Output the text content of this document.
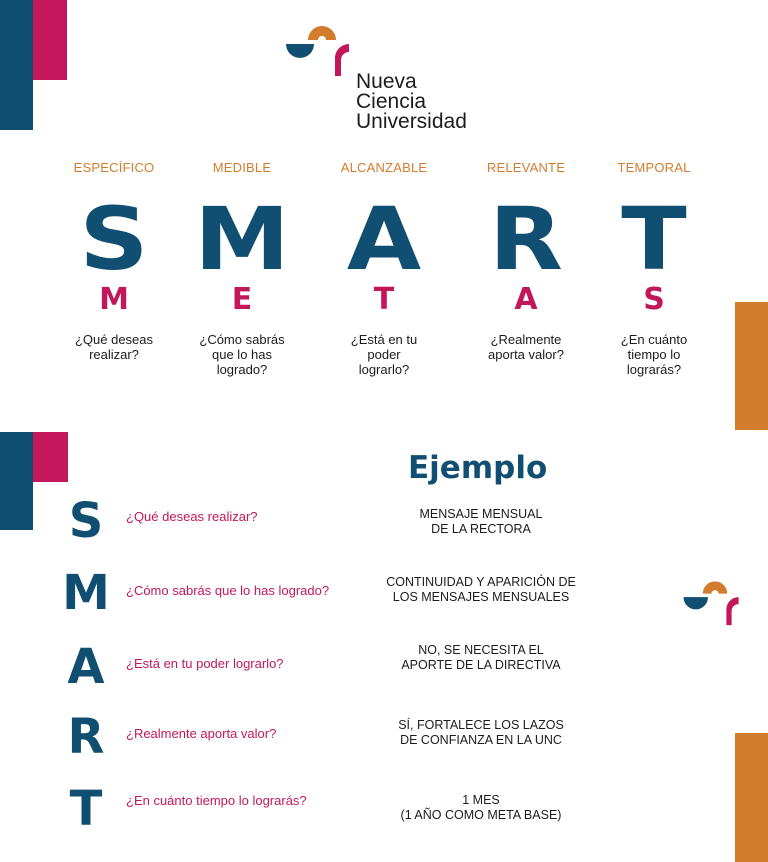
Nueva
Ciencia
Universidad
ESPECÍFICO
S
M
¿Qué deseas realizar?
MEDIBLE
M
E
¿Cómo sabrás que lo has logrado?
ALCANZABLE
A
T
¿Está en tu poder lograrlo?
RELEVANTE
R
A
¿Realmente aporta valor?
TEMPORAL
T
S
¿En cuánto tiempo lo lograrás?
Ejemplo
S
M
A
R
T
¿Qué deseas realizar?
¿Cómo sabrás que lo has logrado?
¿Está en tu poder lograrlo?
¿Realmente aporta valor?
¿En cuánto tiempo lo lograrás?
MENSAJE MENSUAL
DE LA RECTORA
CONTINUIDAD Y APARICIÓN DE
LOS MENSAJES MENSUALES
NO, SE NECESITA EL
APORTE DE LA DIRECTIVA
SÍ, FORTALECE LOS LAZOS
DE CONFIANZA EN LA UNC
1 MES
(1 AÑO COMO META BASE)
